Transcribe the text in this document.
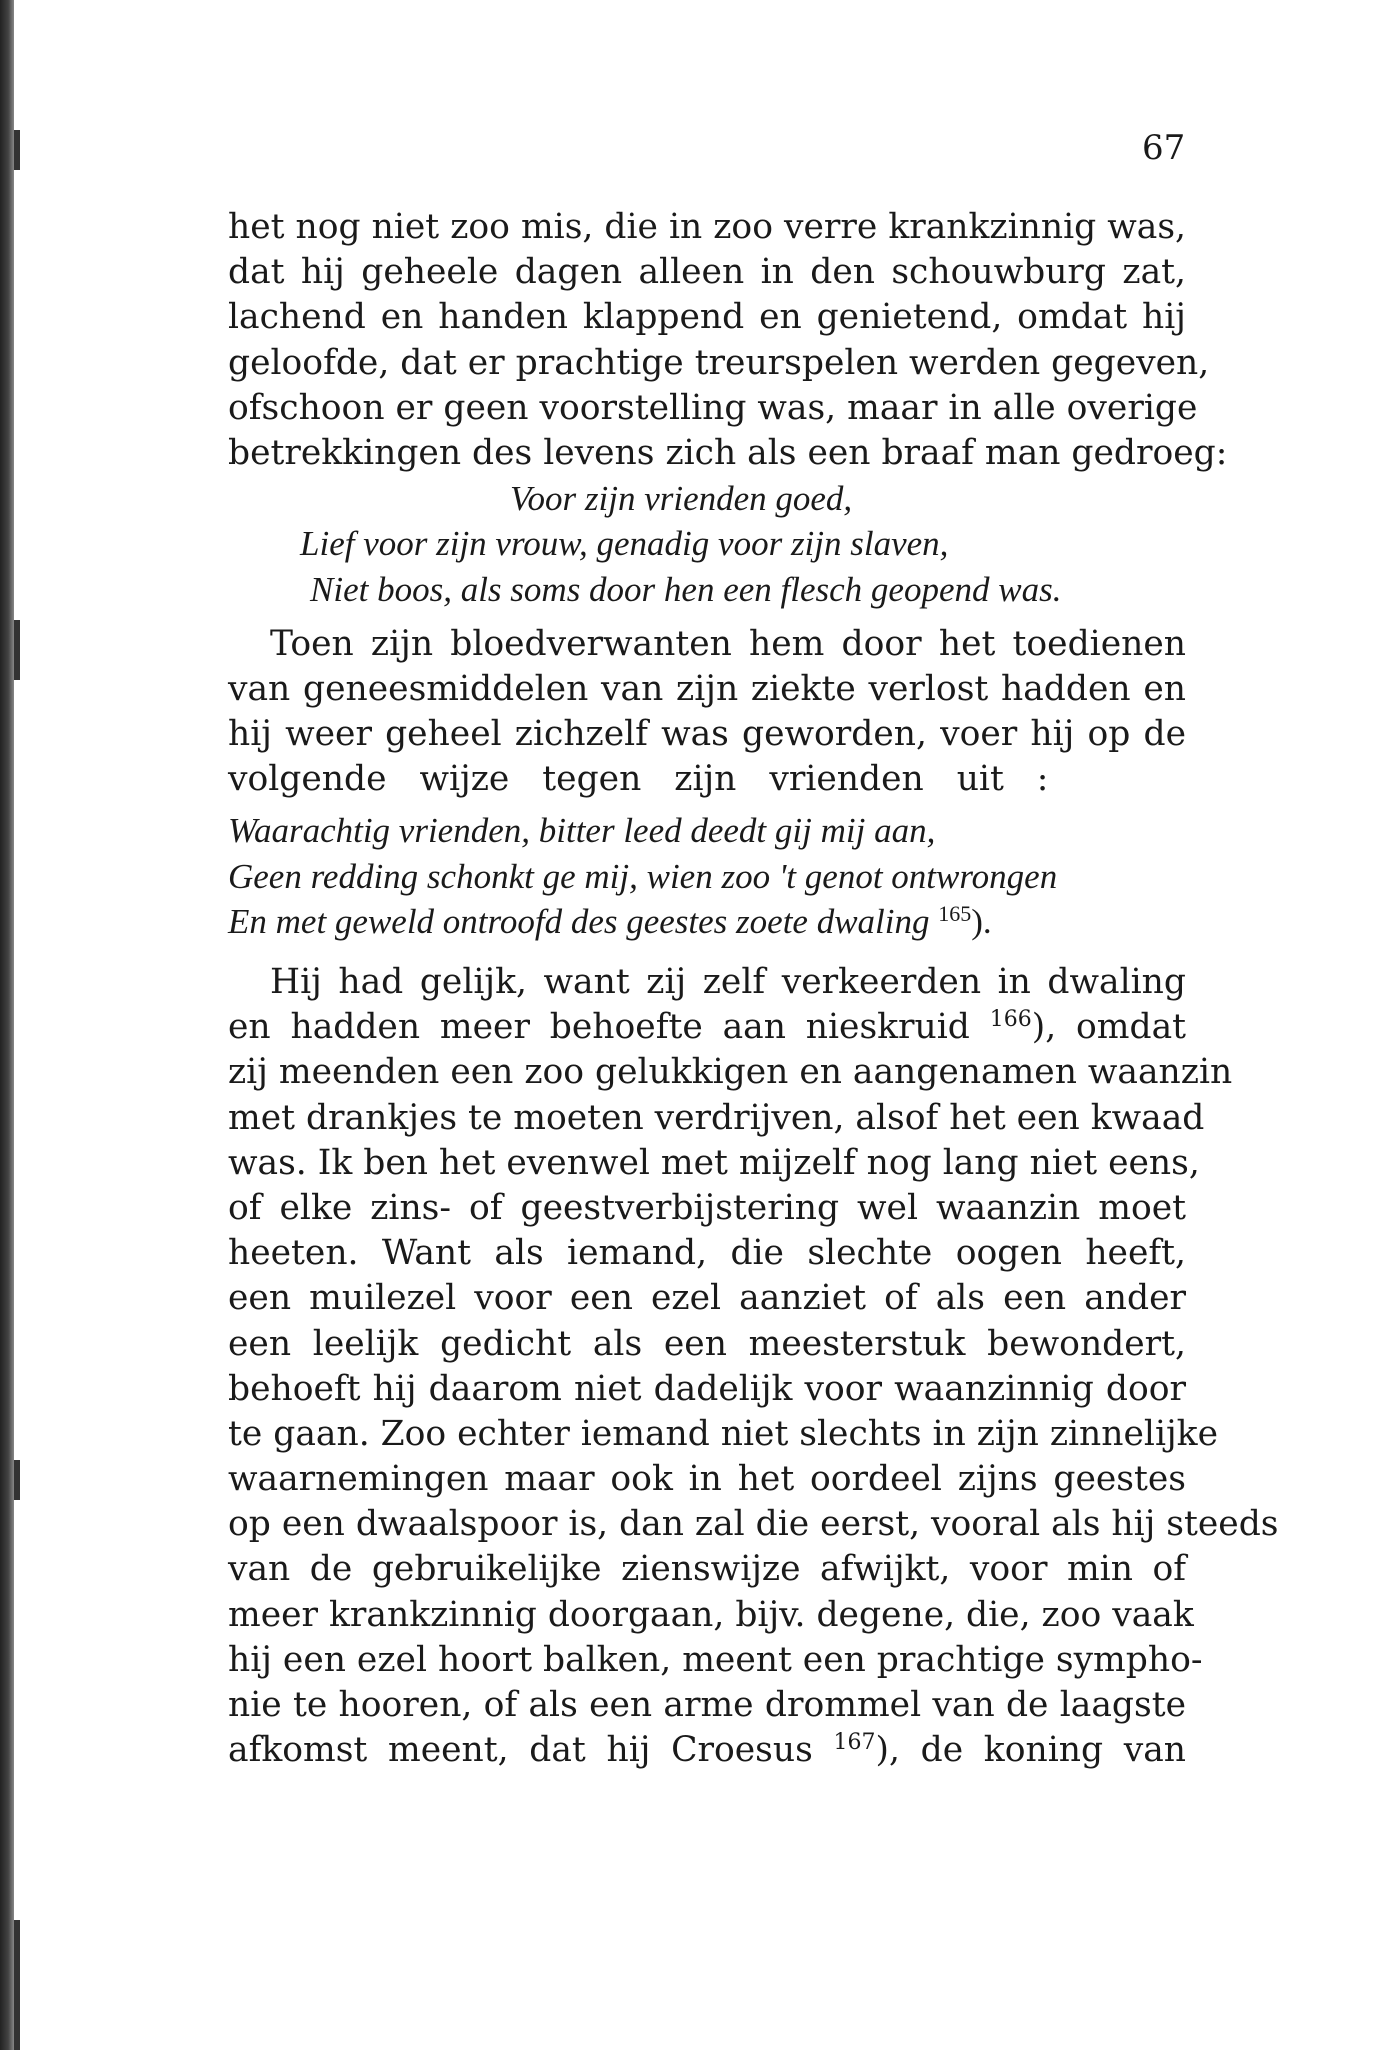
67
het nog niet zoo mis, die in zoo verre krankzinnig was,
dat hij geheele dagen alleen in den schouwburg zat,
lachend en handen klappend en genietend, omdat hij
geloofde, dat er prachtige treurspelen werden gegeven,
ofschoon er geen voorstelling was, maar in alle overige
betrekkingen des levens zich als een braaf man gedroeg:
Voor zijn vrienden goed,
Lief voor zijn vrouw, genadig voor zijn slaven,
Niet boos, als soms door hen een flesch geopend was.
Toen zijn bloedverwanten hem door het toedienen
van geneesmiddelen van zijn ziekte verlost hadden en
hij weer geheel zichzelf was geworden, voer hij op de
volgende wijze tegen zijn vrienden uit :
Waarachtig vrienden, bitter leed deedt gij mij aan,
Geen redding schonkt ge mij, wien zoo 't genot ontwrongen
En met geweld ontroofd des geestes zoete dwaling $^{165}$).
Hij had gelijk, want zij zelf verkeerden in dwaling
en hadden meer behoefte aan nieskruid $^{166}$), omdat
zij meenden een zoo gelukkigen en aangenamen waanzin
met drankjes te moeten verdrijven, alsof het een kwaad
was. Ik ben het evenwel met mijzelf nog lang niet eens,
of elke zins- of geestverbijstering wel waanzin moet
heeten. Want als iemand, die slechte oogen heeft,
een muilezel voor een ezel aanziet of als een ander
een leelijk gedicht als een meesterstuk bewondert,
behoeft hij daarom niet dadelijk voor waanzinnig door
te gaan. Zoo echter iemand niet slechts in zijn zinnelijke
waarnemingen maar ook in het oordeel zijns geestes
op een dwaalspoor is, dan zal die eerst, vooral als hij steeds
van de gebruikelijke zienswijze afwijkt, voor min of
meer krankzinnig doorgaan, bijv. degene, die, zoo vaak
hij een ezel hoort balken, meent een prachtige sympho-
nie te hooren, of als een arme drommel van de laagste
afkomst meent, dat hij Croesus $^{167}$), de koning van
